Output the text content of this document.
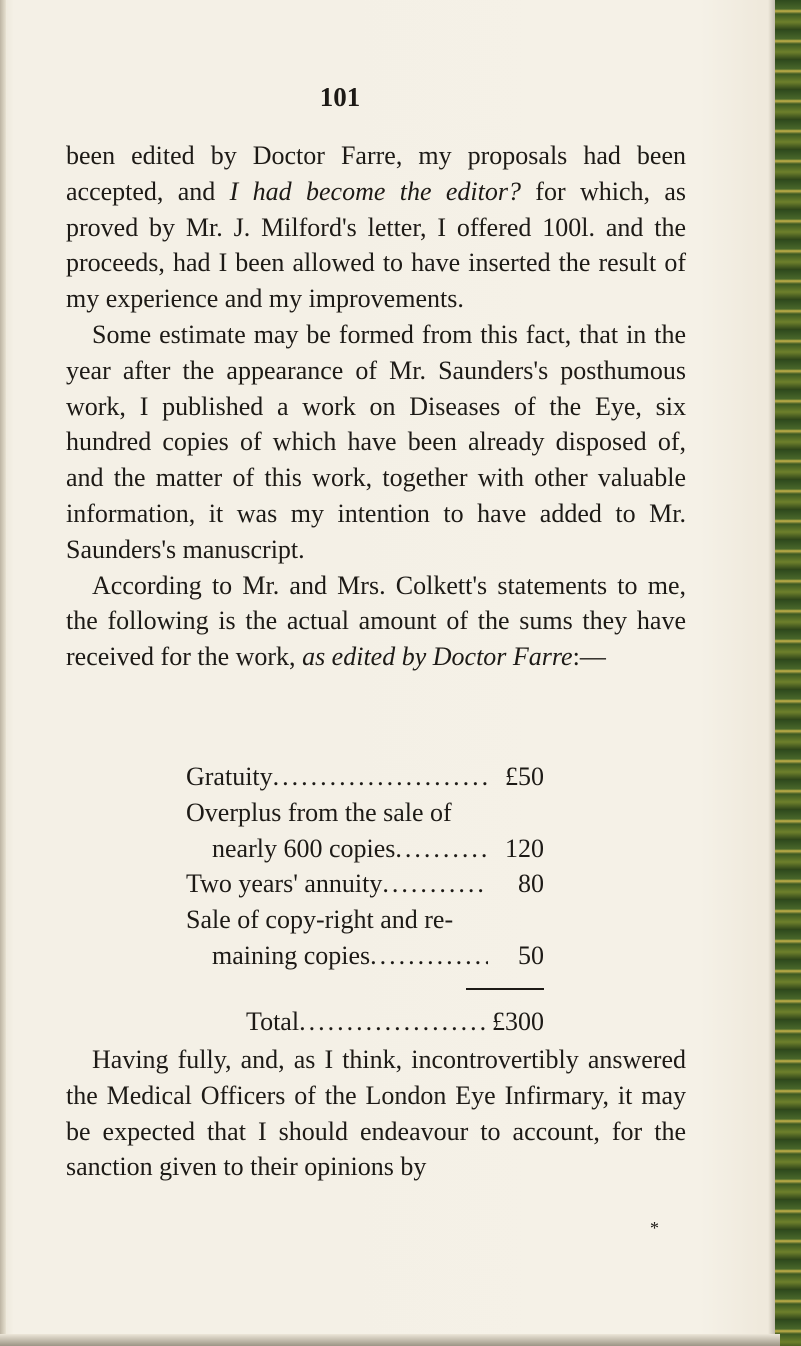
101

been edited by Doctor Farre, my proposals had been accepted, and I had become the editor? for which, as proved by Mr. J. Milford's letter, I offered 100l. and the proceeds, had I been allowed to have inserted the result of my experience and my improvements.

Some estimate may be formed from this fact, that in the year after the appearance of Mr. Saunders's posthumous work, I published a work on Diseases of the Eye, six hundred copies of which have been already disposed of, and the matter of this work, together with other valuable information, it was my intention to have added to Mr. Saunders's manuscript.

According to Mr. and Mrs. Colkett's statements to me, the following is the actual amount of the sums they have received for the work, as edited by Doctor Farre:—

Gratuity .....	£50
Overplus from the sale of
nearly 600 copies .....	120
Two years' annuity .....	80
Sale of copy-right and re-
maining copies .....	50
Total .....	£300

Having fully, and, as I think, incontrovertibly answered the Medical Officers of the London Eye Infirmary, it may be expected that I should endeavour to account, for the sanction given to their opinions by

*
